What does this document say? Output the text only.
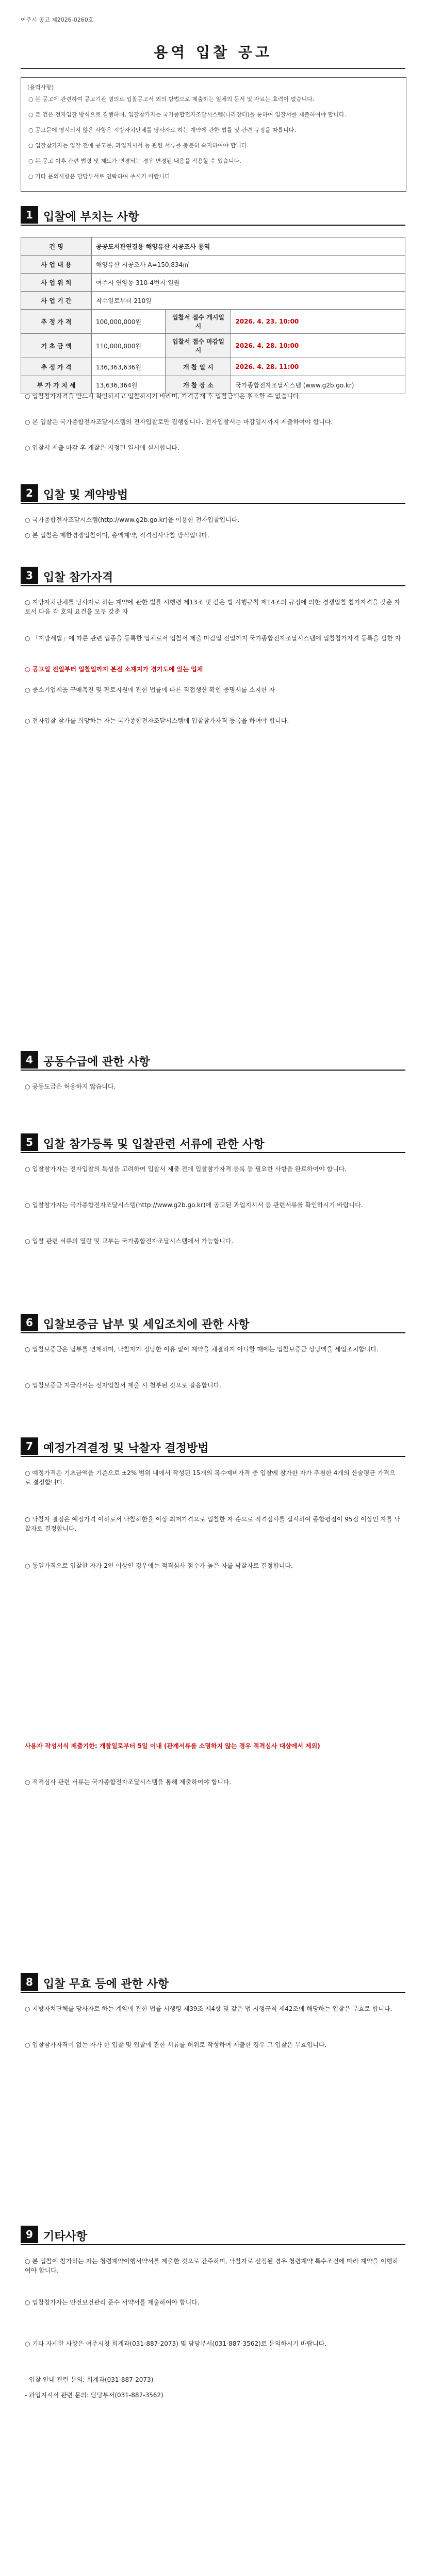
여주시 공고 제2026-0260호
용역 입찰 공고
[용역사항]
○ 본 공고에 관련하여 공고기관 명의로 입찰공고서 외의 방법으로 제출하는 일체의 문서 및 자료는 효력이 없습니다.
○ 본 건은 전자입찰 방식으로 집행하며, 입찰참가자는 국가종합전자조달시스템(나라장터)을 통하여 입찰서를 제출하여야 합니다.
○ 공고문에 명시되지 않은 사항은 지방자치단체를 당사자로 하는 계약에 관한 법률 및 관련 규정을 따릅니다.
○ 입찰참가자는 입찰 전에 공고문, 과업지시서 등 관련 서류를 충분히 숙지하여야 합니다.
○ 본 공고 이후 관련 법령 및 제도가 변경되는 경우 변경된 내용을 적용할 수 있습니다.
○ 기타 문의사항은 담당부서로 연락하여 주시기 바랍니다.
1 입찰에 부치는 사항
건 명	공공도서관연결용 해양유산 시공조사 용역		
사 업 내 용	해양유산 시공조사 A=150,834㎡		
사 업 위 치	여주시 연양동 310-4번지 일원		
사 업 기 간	착수일로부터 210일		
추 정 가 격	100,000,000원	입찰서 접수 개시일시	2026. 4. 23. 10:00
기 초 금 액	110,000,000원	입찰서 접수 마감일시	2026. 4. 28. 10:00
추 정 가 격	136,363,636원	개 찰 일 시	2026. 4. 28. 11:00
부 가 가 치 세	13,636,364원	개 찰 장 소	국가종합전자조달시스템 (www.g2b.go.kr)
○ 입찰참가자격을 반드시 확인하시고 입찰하시기 바라며, 가격공개 후 입찰금액은 취소할 수 없습니다.
○ 본 입찰은 국가종합전자조달시스템의 전자입찰로만 집행합니다. 전자입찰서는 마감일시까지 제출하여야 합니다.
○ 입찰서 제출 마감 후 개찰은 지정된 일시에 실시합니다.
2 입찰 및 계약방법
○ 국가종합전자조달시스템(http://www.g2b.go.kr)을 이용한 전자입찰입니다.
○ 본 입찰은 제한경쟁입찰이며, 총액계약, 적격심사낙찰 방식입니다.
3 입찰 참가자격
○ 지방자치단체를 당사자로 하는 계약에 관한 법률 시행령 제13조 및 같은 법 시행규칙 제14조의 규정에 의한 경쟁입찰 참가자격을 갖춘 자로서 다음 각 호의 요건을 모두 갖춘 자
○ 「지방세법」에 따른 관련 업종을 등록한 업체로서 입찰서 제출 마감일 전일까지 국가종합전자조달시스템에 입찰참가자격 등록을 필한 자
○ 공고일 전일부터 입찰일까지 본점 소재지가 경기도에 있는 업체
○ 중소기업제품 구매촉진 및 판로지원에 관한 법률에 따른 직접생산 확인 증명서를 소지한 자
○ 전자입찰 참가를 희망하는 자는 국가종합전자조달시스템에 입찰참가자격 등록을 하여야 합니다.
4 공동수급에 관한 사항
○ 공동도급은 허용하지 않습니다.
5 입찰 참가등록 및 입찰관련 서류에 관한 사항
○ 입찰참가자는 전자입찰의 특성을 고려하여 입찰서 제출 전에 입찰참가자격 등록 등 필요한 사항을 완료하여야 합니다.
○ 입찰참가자는 국가종합전자조달시스템(http://www.g2b.go.kr)에 공고된 과업지시서 등 관련서류를 확인하시기 바랍니다.
○ 입찰 관련 서류의 열람 및 교부는 국가종합전자조달시스템에서 가능합니다.
6 입찰보증금 납부 및 세입조치에 관한 사항
○ 입찰보증금은 납부를 면제하며, 낙찰자가 정당한 이유 없이 계약을 체결하지 아니할 때에는 입찰보증금 상당액을 세입조치합니다.
○ 입찰보증금 지급각서는 전자입찰서 제출 시 첨부된 것으로 갈음합니다.
7 예정가격결정 및 낙찰자 결정방법
○ 예정가격은 기초금액을 기준으로 ±2% 범위 내에서 작성된 15개의 복수예비가격 중 입찰에 참가한 자가 추첨한 4개의 산술평균 가격으로 결정합니다.
○ 낙찰자 결정은 예정가격 이하로서 낙찰하한율 이상 최저가격으로 입찰한 자 순으로 적격심사를 실시하여 종합평점이 95점 이상인 자를 낙찰자로 결정합니다.
○ 동일가격으로 입찰한 자가 2인 이상인 경우에는 적격심사 점수가 높은 자를 낙찰자로 결정합니다.
사용자 작성서식 제출기한: 개찰일로부터 5일 이내 (관계서류를 소명하지 않는 경우 적격심사 대상에서 제외)
○ 적격심사 관련 서류는 국가종합전자조달시스템을 통해 제출하여야 합니다.
8 입찰 무효 등에 관한 사항
○ 지방자치단체를 당사자로 하는 계약에 관한 법률 시행령 제39조 제4항 및 같은 법 시행규칙 제42조에 해당하는 입찰은 무효로 합니다.
○ 입찰참가자격이 없는 자가 한 입찰 및 입찰에 관한 서류를 허위로 작성하여 제출한 경우 그 입찰은 무효입니다.
9 기타사항
○ 본 입찰에 참가하는 자는 청렴계약이행서약서를 제출한 것으로 간주하며, 낙찰자로 선정된 경우 청렴계약 특수조건에 따라 계약을 이행하여야 합니다.
○ 입찰참가자는 안전보건관리 준수 서약서를 제출하여야 합니다.
○ 기타 자세한 사항은 여주시청 회계과(031-887-2073) 및 담당부서(031-887-3562)로 문의하시기 바랍니다.
- 입찰 안내 관련 문의: 회계과(031-887-2073)
- 과업지시서 관련 문의: 담당부서(031-887-3562)
